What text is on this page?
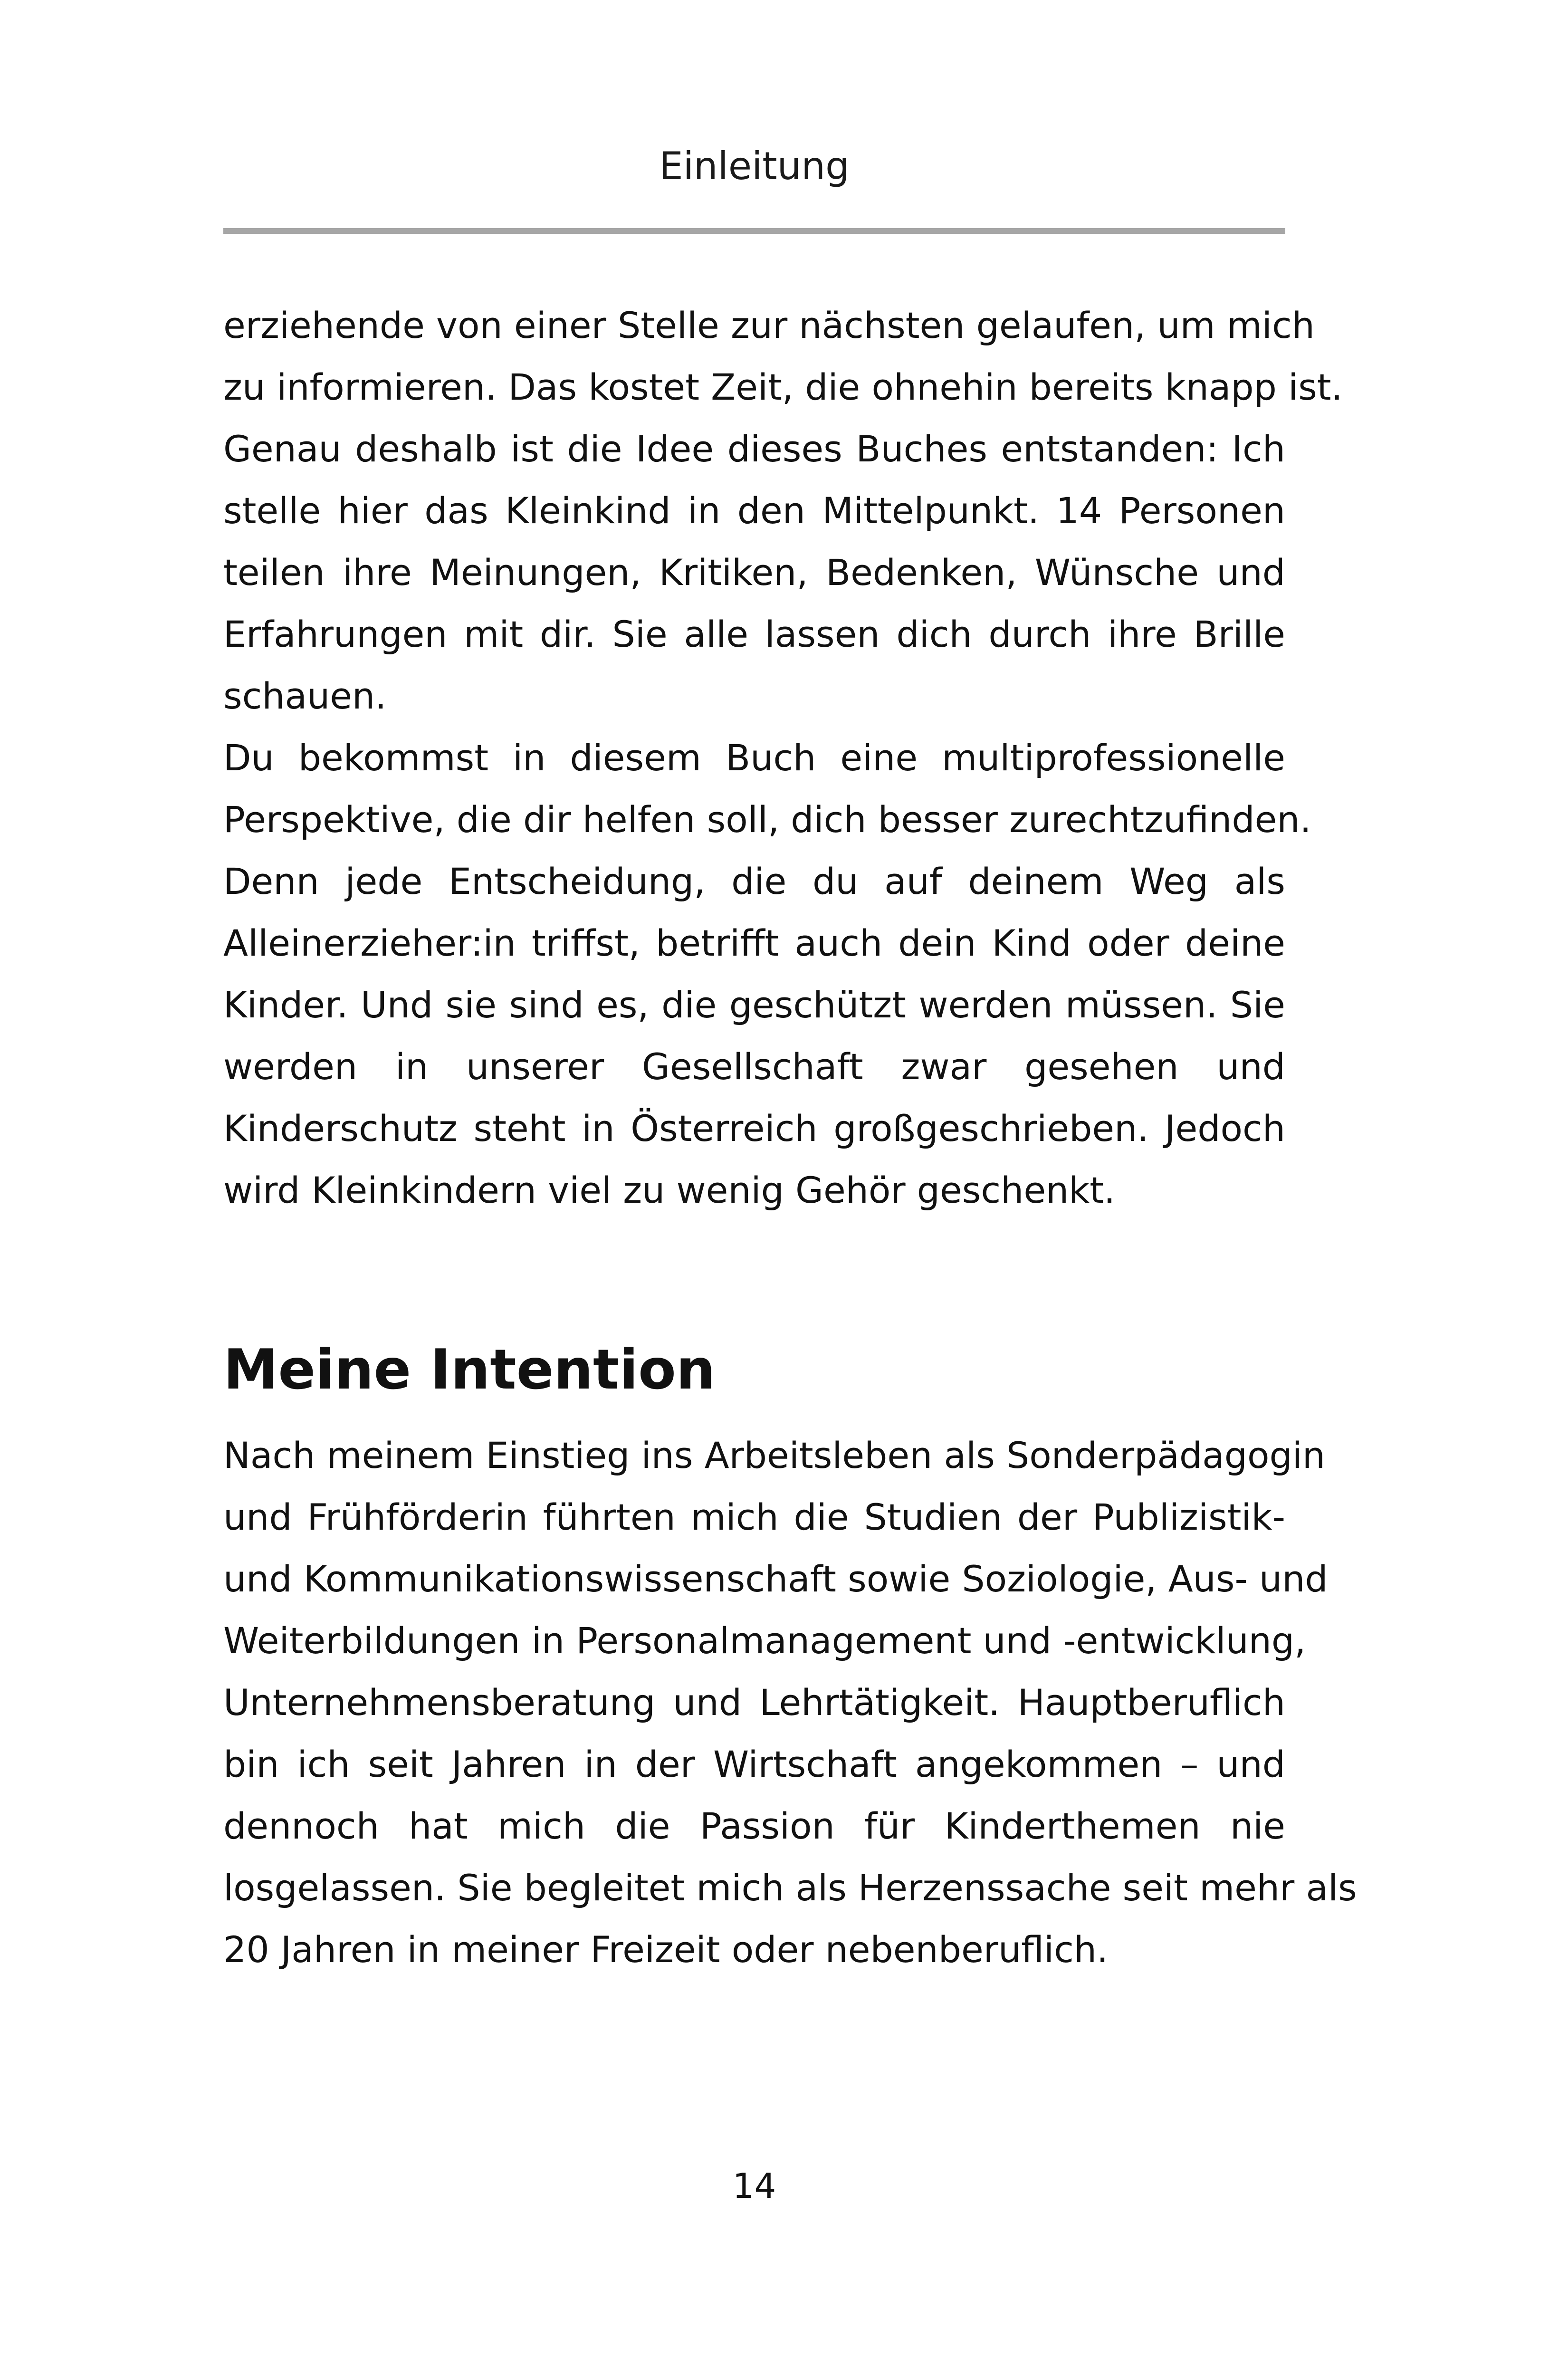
Einleitung
erziehende von einer Stelle zur nächsten gelaufen, um mich
zu informieren. Das kostet Zeit, die ohnehin bereits knapp ist.
Genau deshalb ist die Idee dieses Buches entstanden: Ich
stelle hier das Kleinkind in den Mittelpunkt. 14 Personen
teilen ihre Meinungen, Kritiken, Bedenken, Wünsche und
Erfahrungen mit dir. Sie alle lassen dich durch ihre Brille
schauen.
Du bekommst in diesem Buch eine multiprofessionelle
Perspektive, die dir helfen soll, dich besser zurechtzufinden.
Denn jede Entscheidung, die du auf deinem Weg als
Alleinerzieher:in triffst, betrifft auch dein Kind oder deine
Kinder. Und sie sind es, die geschützt werden müssen. Sie
werden in unserer Gesellschaft zwar gesehen und
Kinderschutz steht in Österreich großgeschrieben. Jedoch
wird Kleinkindern viel zu wenig Gehör geschenkt.
Meine Intention
Nach meinem Einstieg ins Arbeitsleben als Sonderpädagogin
und Frühförderin führten mich die Studien der Publizistik-
und Kommunikationswissenschaft sowie Soziologie, Aus- und
Weiterbildungen in Personalmanagement und -entwicklung,
Unternehmensberatung und Lehrtätigkeit. Hauptberuflich
bin ich seit Jahren in der Wirtschaft angekommen – und
dennoch hat mich die Passion für Kinderthemen nie
losgelassen. Sie begleitet mich als Herzenssache seit mehr als
20 Jahren in meiner Freizeit oder nebenberuflich.
14
